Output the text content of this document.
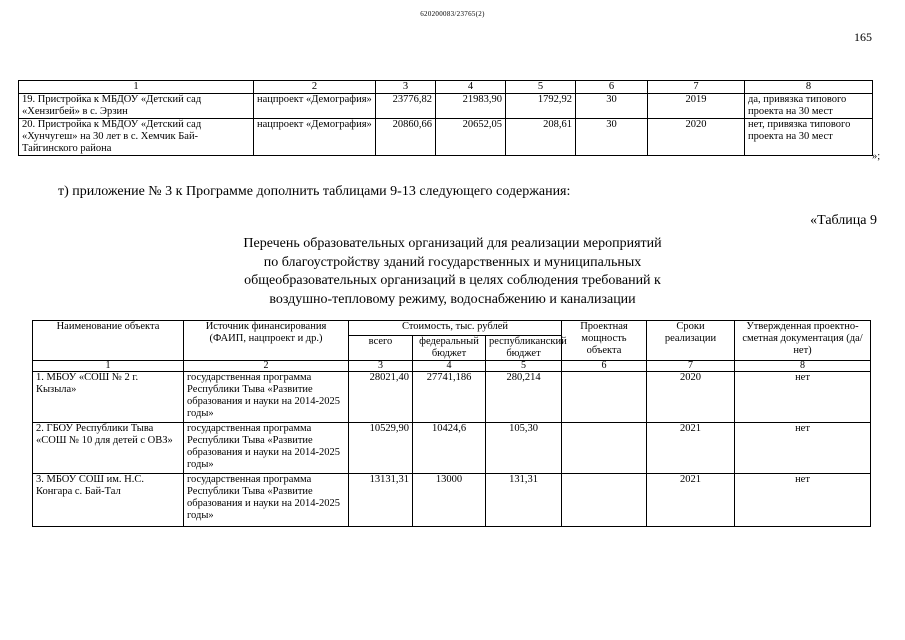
620200083/23765(2)
165
1	2	3	4	5	6	7	8
19. Пристройка к МБДОУ «Детский сад «Хензигбей» в с. Эрзин	нацпроект «Демография»	23776,82	21983,90	1792,92	30	2019	да, привязка типового проекта на 30 мест
20. Пристройка к МБДОУ «Детский сад «Хунчугеш» на 30 лет в с. Хемчик Бай-Тайгинского района	нацпроект «Демография»	20860,66	20652,05	208,61	30	2020	нет, привязка типового проекта на 30 мест
»;
т) приложение № 3 к Программе дополнить таблицами 9-13 следующего содержания:
«Таблица 9
Перечень образовательных организаций для реализации мероприятий
по благоустройству зданий государственных и муниципальных
общеобразовательных организаций в целях соблюдения требований к
воздушно-тепловому режиму, водоснабжению и канализации
Наименование объекта	Источник финансирования (ФАИП, нацпроект и др.)	Стоимость, тыс. рублей			Проектная мощность объекта	Сроки реализации	Утвержденная проектно-сметная документация (да/нет)
		всего	федеральный бюджет	республиканский бюджет			
1	2	3	4	5	6	7	8
1. МБОУ «СОШ № 2 г. Кызыла»	государственная программа Республики Тыва «Развитие образования и науки на 2014-2025 годы»	28021,40	27741,186	280,214		2020	нет
2. ГБОУ Республики Тыва «СОШ № 10 для детей с ОВЗ»	государственная программа Республики Тыва «Развитие образования и науки на 2014-2025 годы»	10529,90	10424,6	105,30		2021	нет
3. МБОУ СОШ им. Н.С. Конгара с. Бай-Тал	государственная программа Республики Тыва «Развитие образования и науки на 2014-2025 годы»	13131,31	13000	131,31		2021	нет
